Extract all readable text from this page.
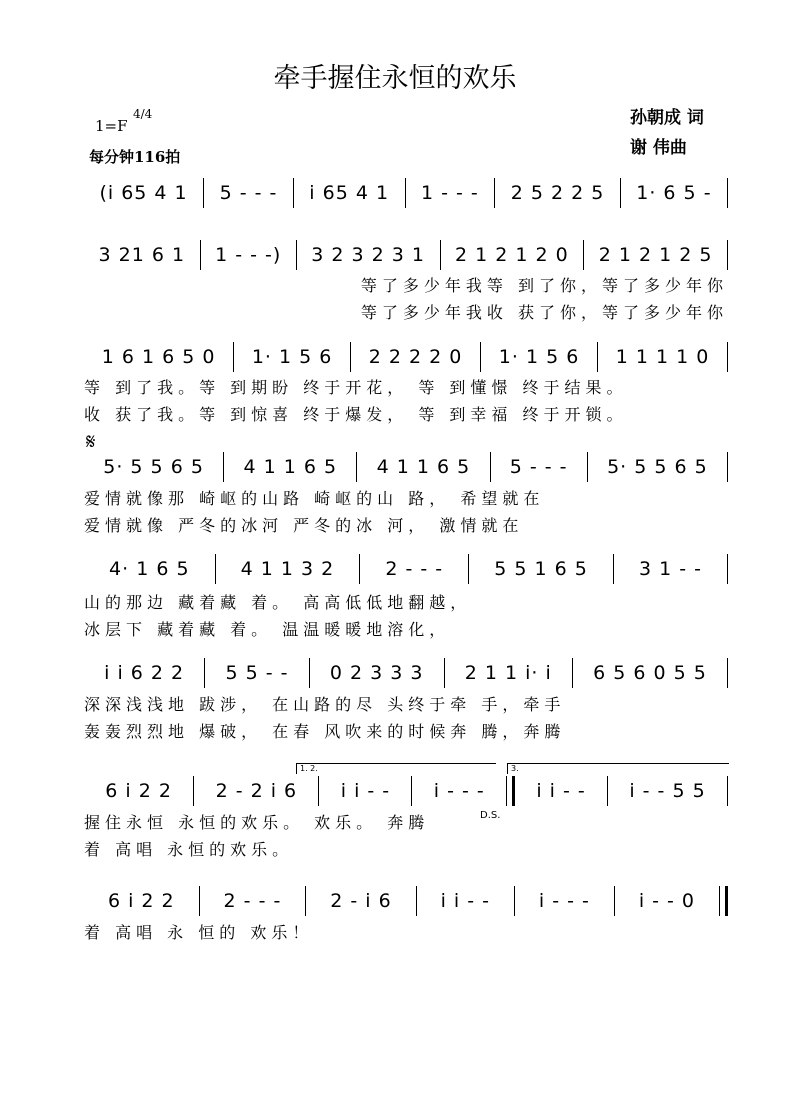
牵手握住永恒的欢乐
孙朝成 词
谢 伟曲
1=F
4/4
每分钟116拍
(i 65 4 1	5 - - -	i 65 4 1	1 - - -	2 5 2 2 5	1· 6 5 -
3 21 6 1	1 - - -)	3 2 3 2 3 1	2 1 2 1 2 0	2 1 2 1 2 5
等了多少年我等 到了你，等了多少年你
等了多少年我收 获了你，等了多少年你
1 6 1 6 5 0	1· 1 5 6	2 2 2 2 0	1· 1 5 6	1 1 1 1 0
等 到了我。等 到期盼 终于开花， 等 到懂憬 终于结果。
收 获了我。等 到惊喜 终于爆发， 等 到幸福 终于开锁。
𝄋
5· 5 5 6 5	4 1 1 6 5	4 1 1 6 5	5 - - -	5· 5 5 6 5
爱情就像那 崎岖的山路 崎岖的山 路， 希望就在
爱情就像 严冬的冰河 严冬的冰 河， 激情就在
4· 1 6 5	4 1 1 3 2	2 - - -	5 5 1 6 5	3 1 - -
山的那边 藏着藏 着。 高高低低地翻越，
冰层下 藏着藏 着。 温温暖暖地溶化，
i i 6 2 2	5 5 - -	0 2 3 3 3	2 1 1 i· i	6 5 6 0 5 5
深深浅浅地 跋涉， 在山路的尽 头终于牵 手，牵手
轰轰烈烈地 爆破， 在春 风吹来的时候奔 腾，奔腾
1. 2.	3.
6 i 2 2	2 - 2 i 6	i i - -	i - - -	i i - -	i - - 5 5
D.S.
握住永恒 永恒的欢乐。 欢乐。 奔腾
着 高唱 永恒的欢乐。
6 i 2 2	2 - - -	2 - i 6	i i - -	i - - -	i - - 0
着 高唱 永 恒的 欢乐！
